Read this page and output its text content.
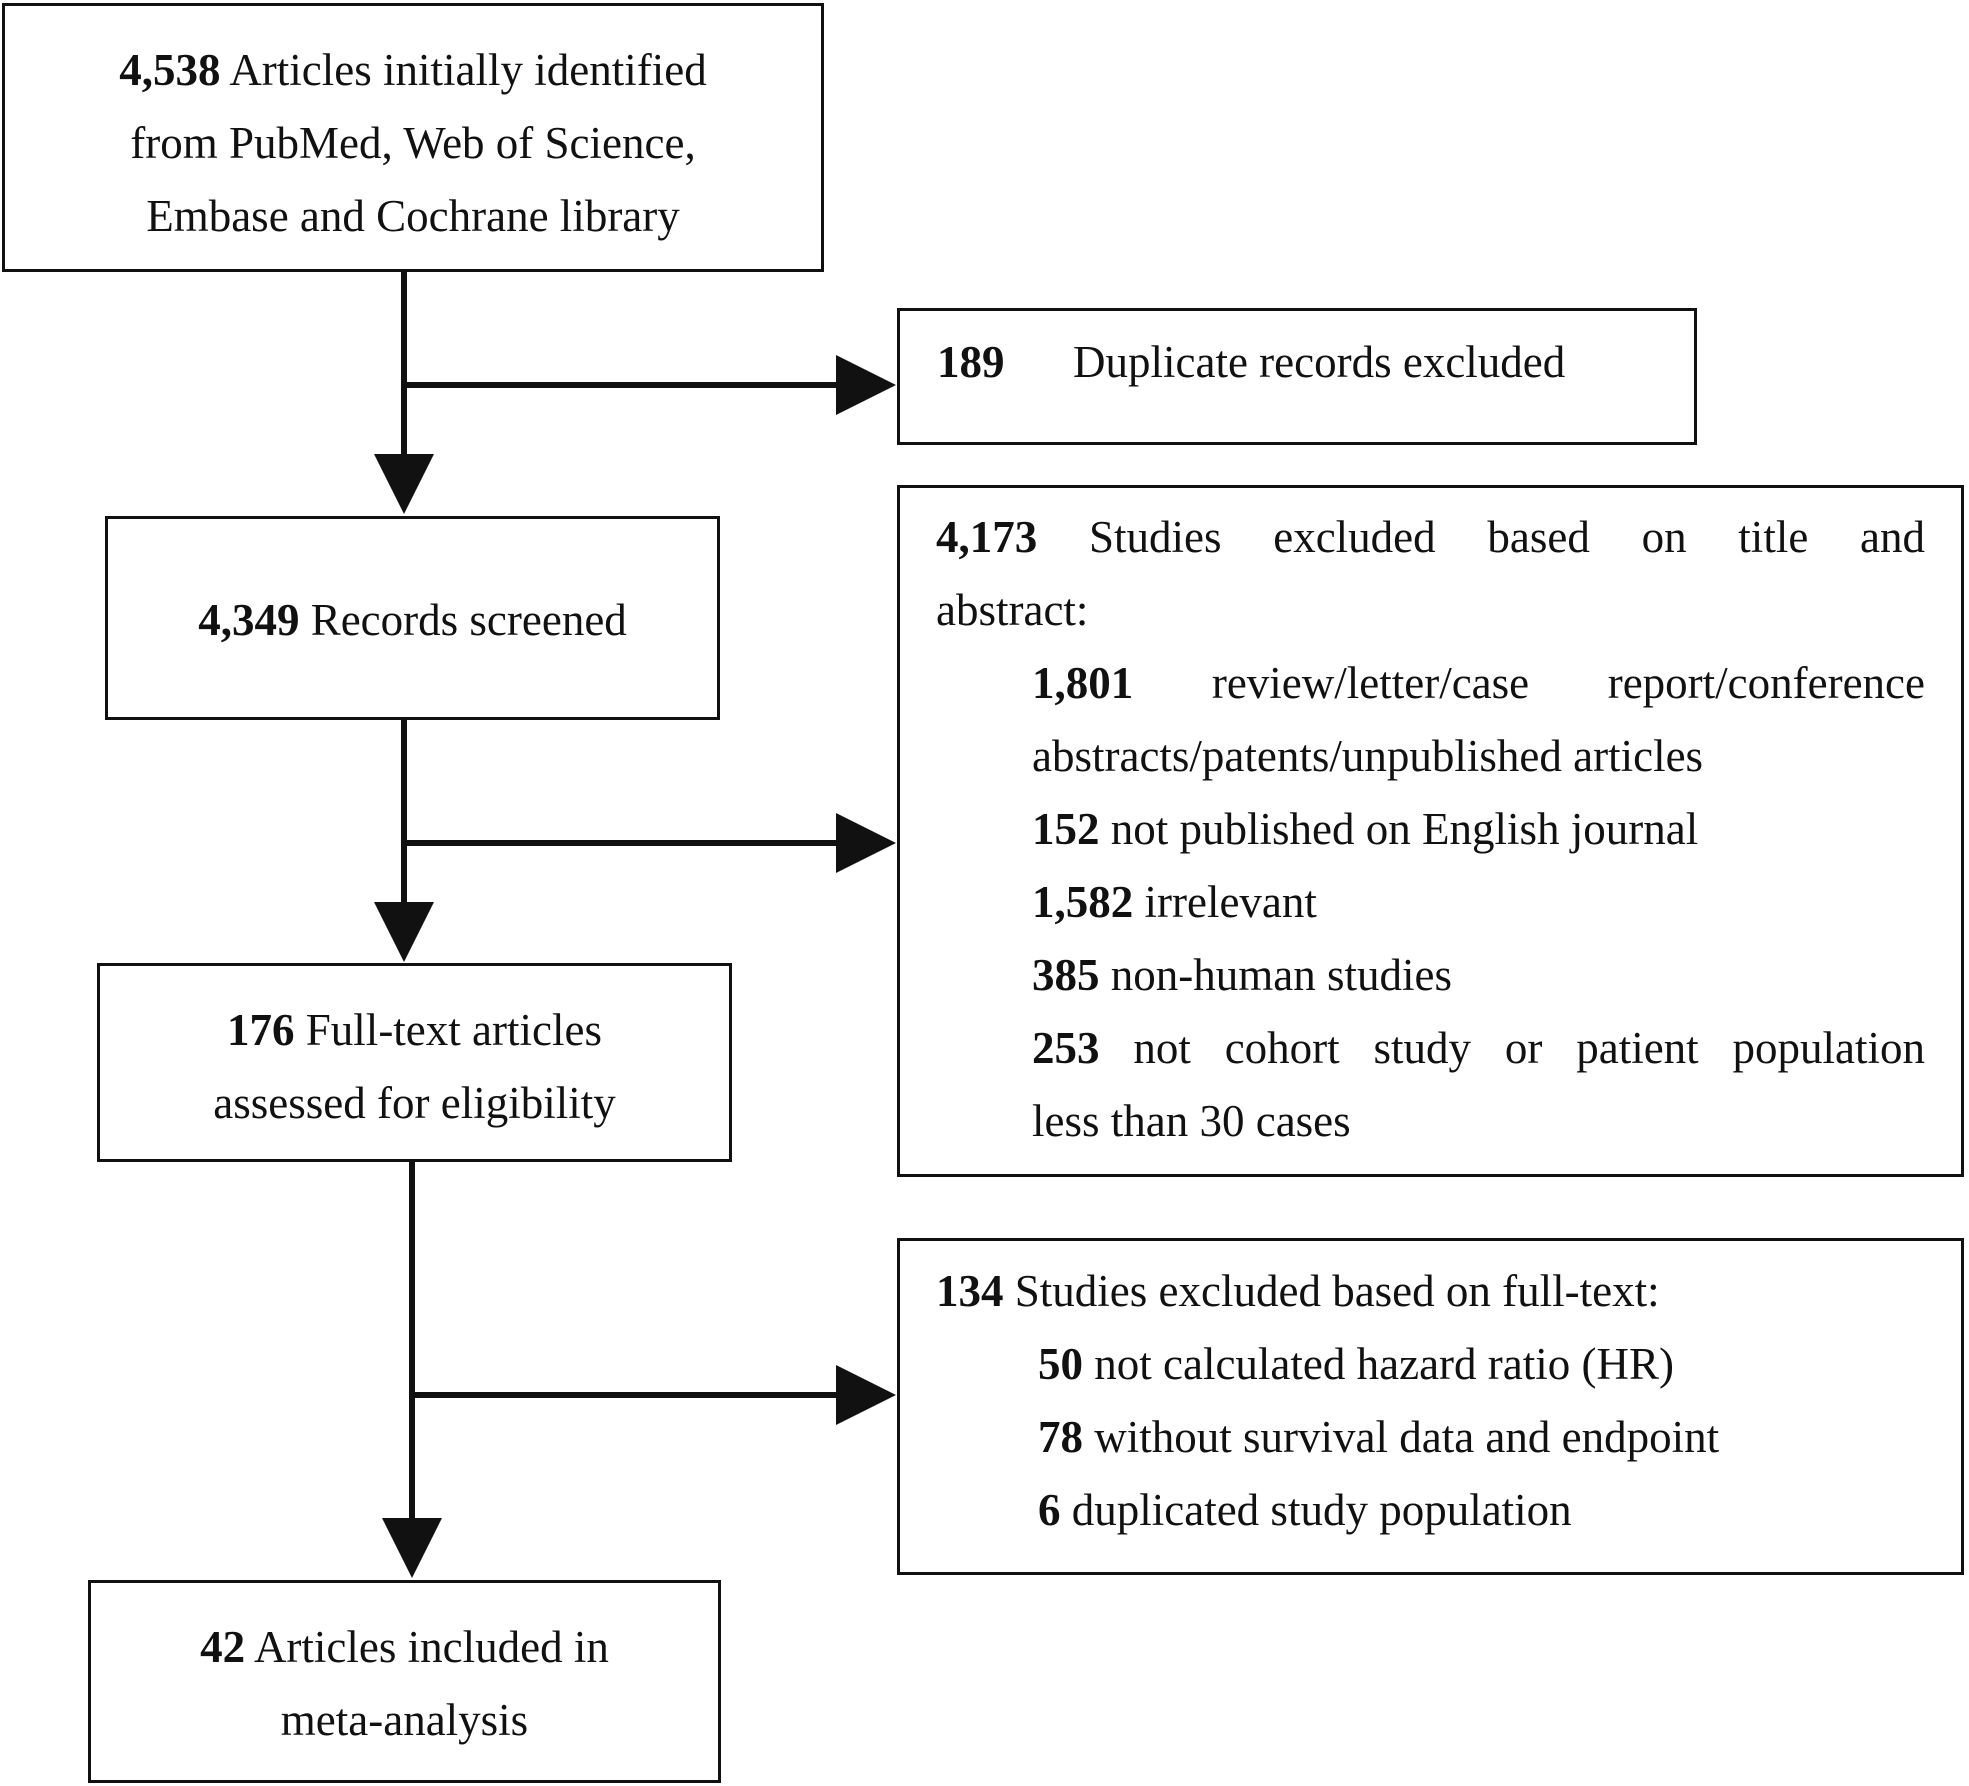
4,538 Articles initially identified
from PubMed, Web of Science,
Embase and Cochrane library
189 Duplicate records excluded
4,349 Records screened
4,173 Studies excluded based on title and
abstract:
1,801 review/letter/case report/conference
abstracts/patents/unpublished articles
152 not published on English journal
1,582 irrelevant
385 non-human studies
253 not cohort study or patient population
less than 30 cases
176 Full-text articles
assessed for eligibility
134 Studies excluded based on full-text:
50 not calculated hazard ratio (HR)
78 without survival data and endpoint
6 duplicated study population
42 Articles included in
meta-analysis
